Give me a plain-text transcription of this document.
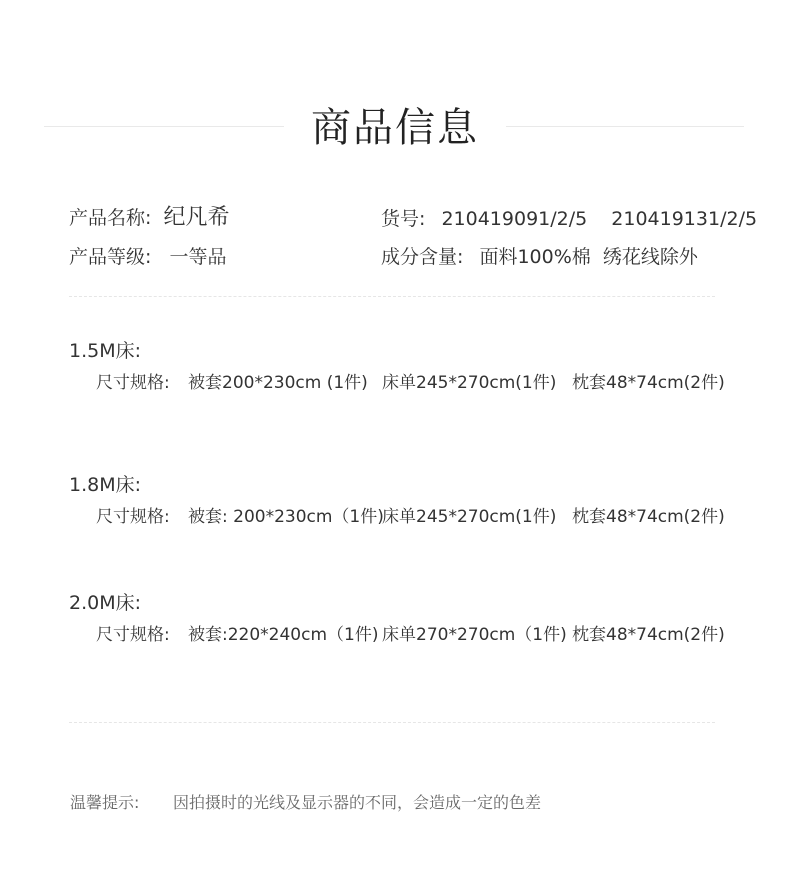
商品信息
产品名称: 纪凡希	货号: 210419091/2/5 210419131/2/5
产品等级: 一等品	成分含量: 面料100%棉  绣花线除外
1.5M床:
尺寸规格: 被套200*230cm (1件) 床单245*270cm(1件) 枕套48*74cm(2件)
1.8M床:
尺寸规格: 被套: 200*230cm（1件)
床单245*270cm(1件) 枕套48*74cm(2件)
2.0M床:
尺寸规格: 被套:220*240cm（1件) 床单270*270cm（1件) 枕套48*74cm(2件)
温馨提示: 因拍摄时的光线及显示器的不同，会造成一定的色差
